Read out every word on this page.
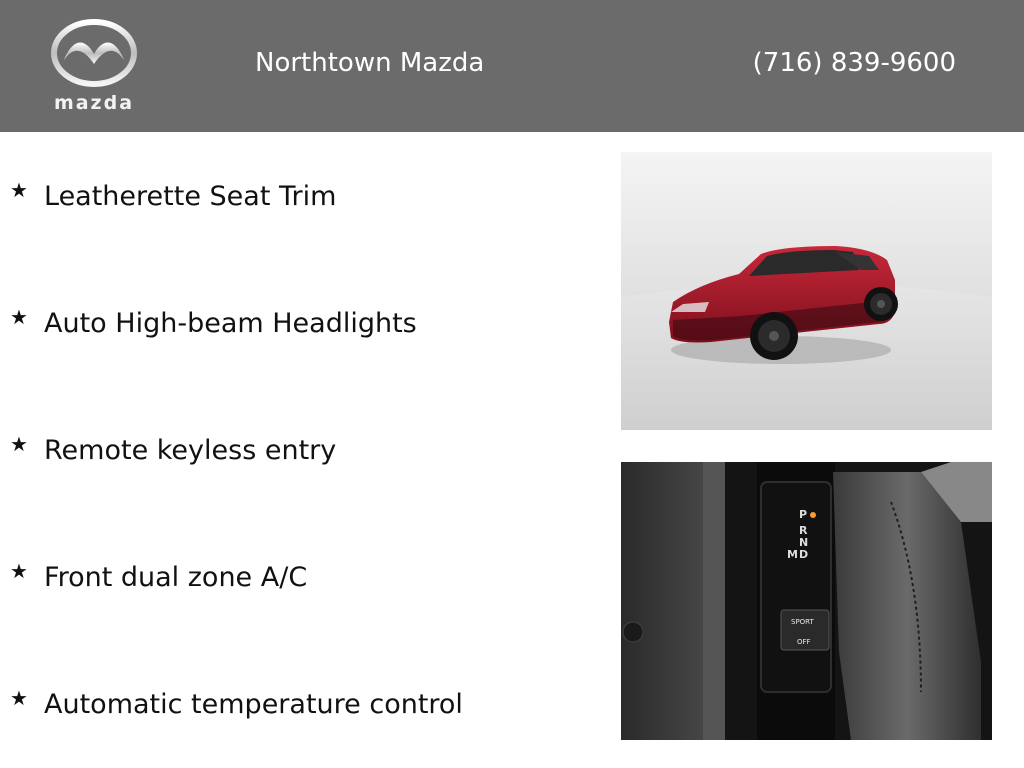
mazda
Northtown Mazda	(716) 839-9600
★ Leatherette Seat Trim
★ Auto High-beam Headlights
★ Remote keyless entry
★ Front dual zone A/C
★ Automatic temperature control
P
R
N
D
M
SPORT
OFF
